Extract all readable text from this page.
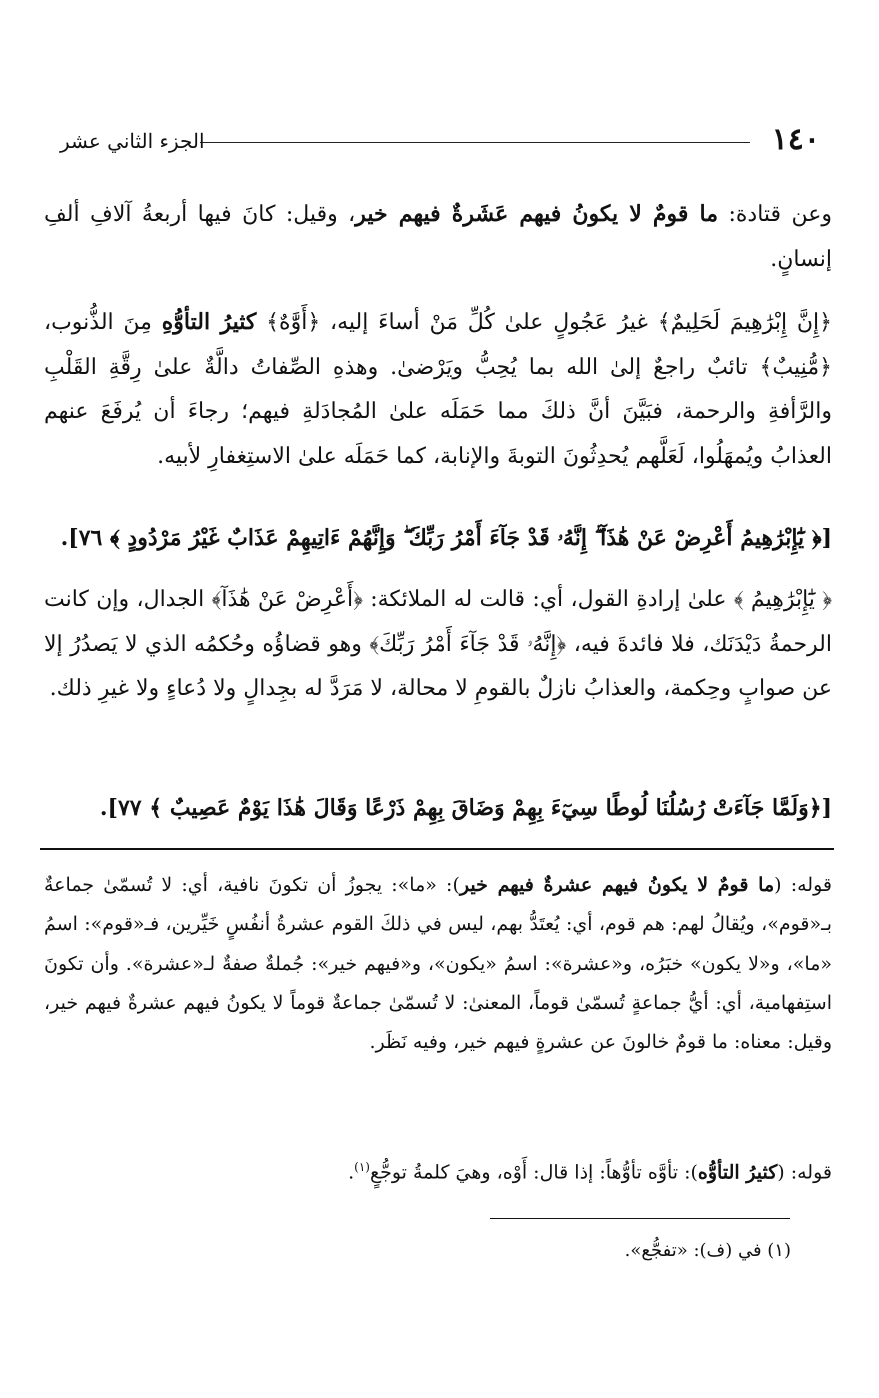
١٤٠
الجزء الثاني عشر
وعن قتادة: ما قومٌ لا يكونُ فيهم عَشَرةٌ فيهم خير، وقيل: كانَ فيها أربعةُ آلافِ ألفِ إنسانٍ.
﴿إِنَّ إِبْرَٰهِيمَ لَحَلِيمٌ﴾ غيرُ عَجُولٍ علىٰ كُلِّ مَنْ أساءَ إليه، ﴿أَوَّٰهٌ﴾ كثيرُ التأوُّهِ مِنَ الذُّنوب، ﴿مُّنِيبٌ﴾ تائبٌ راجعٌ إلىٰ الله بما يُحِبُّ ويَرْضىٰ. وهذهِ الصِّفاتُ دالَّةٌ علىٰ رِقَّةِ القَلْبِ والرَّأفةِ والرحمة، فبَيَّنَ أنَّ ذلكَ مما حَمَلَه علىٰ المُجادَلةِ فيهم؛ رجاءَ أن يُرفَعَ عنهم العذابُ ويُمهَلُوا، لَعَلَّهم يُحدِثُونَ التوبةَ والإنابة، كما حَمَلَه علىٰ الاستِغفارِ لأبيه.
[﴿ يَٰٓإِبْرَٰهِيمُ أَعْرِضْ عَنْ هَٰذَآ ۖ إِنَّهُۥ قَدْ جَآءَ أَمْرُ رَبِّكَ ۖ وَإِنَّهُمْ ءَاتِيهِمْ عَذَابٌ غَيْرُ مَرْدُودٍ ﴾ ٧٦].
﴿ يَٰٓإِبْرَٰهِيمُ ﴾ علىٰ إرادةِ القول، أي: قالت له الملائكة: ﴿أَعْرِضْ عَنْ هَٰذَآ﴾ الجدال، وإن كانت الرحمةُ دَيْدَنَك، فلا فائدةَ فيه، ﴿إِنَّهُۥ قَدْ جَآءَ أَمْرُ رَبِّكَ﴾ وهو قضاؤُه وحُكمُه الذي لا يَصدُرُ إلا عن صوابٍ وحِكمة، والعذابُ نازلٌ بالقومِ لا محالة، لا مَرَدَّ له بجِدالٍ ولا دُعاءٍ ولا غيرِ ذلك.
[﴿وَلَمَّا جَآءَتْ رُسُلُنَا لُوطًا سِيٓءَ بِهِمْ وَضَاقَ بِهِمْ ذَرْعًا وَقَالَ هَٰذَا يَوْمٌ عَصِيبٌ ﴾ ٧٧].
قوله: (ما قومٌ لا يكونُ فيهم عشرةٌ فيهم خير): «ما»: يجوزُ أن تكونَ نافية، أي: لا تُسمّىٰ جماعةٌ بـ«قوم»، ويُقالُ لهم: هم قوم، أي: يُعتَدُّ بهم، ليس في ذلكَ القوم عشرةُ أنفُسٍ خَيِّرين، فـ«قوم»: اسمُ «ما»، و«لا يكون» خبَرُه، و«عشرة»: اسمُ «يكون»، و«فيهم خير»: جُملةٌ صفةٌ لـ«عشرة». وأن تكونَ استِفهامية، أي: أيُّ جماعةٍ تُسمّىٰ قوماً، المعنىٰ: لا تُسمّىٰ جماعةٌ قوماً لا يكونُ فيهم عشرةٌ فيهم خير، وقيل: معناه: ما قومٌ خالونَ عن عشرةٍ فيهم خير، وفيه نَظَر.
قوله: (كثيرُ التأوُّه): تأوَّه تأوُّهاً: إذا قال: أَوْه، وهيَ كلمةُ توجُّعٍ$^{(١)}$.
(١) في (ف): «تفجُّع».
